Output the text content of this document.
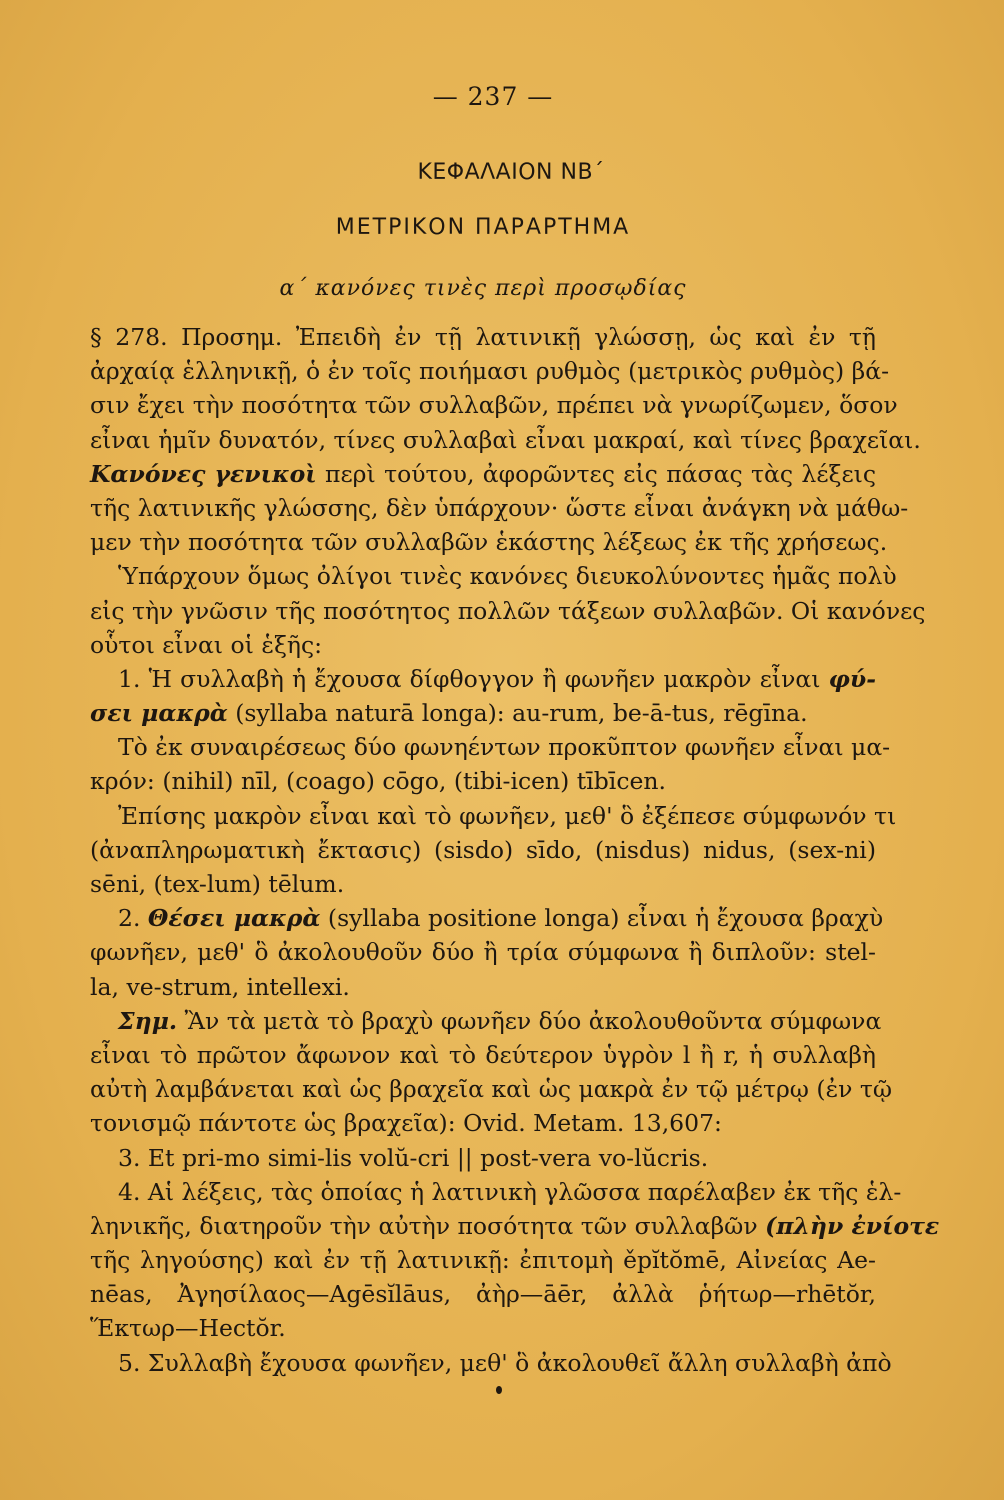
— 237 —
ΚΕΦΑΛΑΙΟΝ ΝΒ΄
ΜΕΤΡΙΚΟΝ ΠΑΡΑΡΤΗΜΑ
α΄ κανόνες τινὲς περὶ προσῳδίας
§ 278. Προσημ. Ἐπειδὴ ἐν τῇ λατινικῇ γλώσσῃ, ὡς καὶ ἐν τῇ
ἀρχαίᾳ ἑλληνικῇ, ὁ ἐν τοῖς ποιήμασι ρυθμὸς (μετρικὸς ρυθμὸς) βά-
σιν ἔχει τὴν ποσότητα τῶν συλλαβῶν, πρέπει νὰ γνωρίζωμεν, ὅσον
εἶναι ἡμῖν δυνατόν, τίνες συλλαβαὶ εἶναι μακραί, καὶ τίνες βραχεῖαι.
Κανόνες γενικοὶ περὶ τούτου, ἀφορῶντες εἰς πάσας τὰς λέξεις
τῆς λατινικῆς γλώσσης, δὲν ὑπάρχουν· ὥστε εἶναι ἀνάγκη νὰ μάθω-
μεν τὴν ποσότητα τῶν συλλαβῶν ἑκάστης λέξεως ἐκ τῆς χρήσεως.
Ὑπάρχουν ὅμως ὀλίγοι τινὲς κανόνες διευκολύνοντες ἡμᾶς πολὺ
εἰς τὴν γνῶσιν τῆς ποσότητος πολλῶν τάξεων συλλαβῶν. Οἱ κανόνες
οὗτοι εἶναι οἱ ἑξῆς:
1. Ἡ συλλαβὴ ἡ ἔχουσα δίφθογγον ἢ φωνῆεν μακρὸν εἶναι φύ-
σει μακρὰ (syllaba naturā longa): au-rum, be-ā-tus, rēgīna.
Τὸ ἐκ συναιρέσεως δύο φωνηέντων προκῦπτον φωνῆεν εἶναι μα-
κρόν: (nihil) nīl, (coago) cōgo, (tibi-icen) tībīcen.
Ἐπίσης μακρὸν εἶναι καὶ τὸ φωνῆεν, μεθ' ὃ ἐξέπεσε σύμφωνόν τι
(ἀναπληρωματικὴ ἔκτασις) (sisdo) sīdo, (nisdus) nidus, (sex-ni)
sēni, (tex-lum) tēlum.
2. Θέσει μακρὰ (syllaba positione longa) εἶναι ἡ ἔχουσα βραχὺ
φωνῆεν, μεθ' ὃ ἀκολουθοῦν δύο ἢ τρία σύμφωνα ἢ διπλοῦν: stel-
la, ve-strum, intellexi.
Σημ. Ἂν τὰ μετὰ τὸ βραχὺ φωνῆεν δύο ἀκολουθοῦντα σύμφωνα
εἶναι τὸ πρῶτον ἄφωνον καὶ τὸ δεύτερον ὑγρὸν l ἢ r, ἡ συλλαβὴ
αὐτὴ λαμβάνεται καὶ ὡς βραχεῖα καὶ ὡς μακρὰ ἐν τῷ μέτρῳ (ἐν τῷ
τονισμῷ πάντοτε ὡς βραχεῖα): Ovid. Metam. 13,607:
3. Et pri-mo simi-lis volŭ-cri || post-vera vo-lŭcris.
4. Αἱ λέξεις, τὰς ὁποίας ἡ λατινικὴ γλῶσσα παρέλαβεν ἐκ τῆς ἑλ-
ληνικῆς, διατηροῦν τὴν αὐτὴν ποσότητα τῶν συλλαβῶν (πλὴν ἐνίοτε
τῆς ληγούσης) καὶ ἐν τῇ λατινικῇ: ἐπιτομὴ ěpĭtŏmē, Αἰνείας Ae-
nēas, Ἀγησίλαος—Agēsĭlāus, ἀὴρ—āēr, ἀλλὰ ῥήτωρ—rhētŏr,
Ἕκτωρ—Hectŏr.
5. Συλλαβὴ ἔχουσα φωνῆεν, μεθ' ὃ ἀκολουθεῖ ἄλλη συλλαβὴ ἀπὸ
